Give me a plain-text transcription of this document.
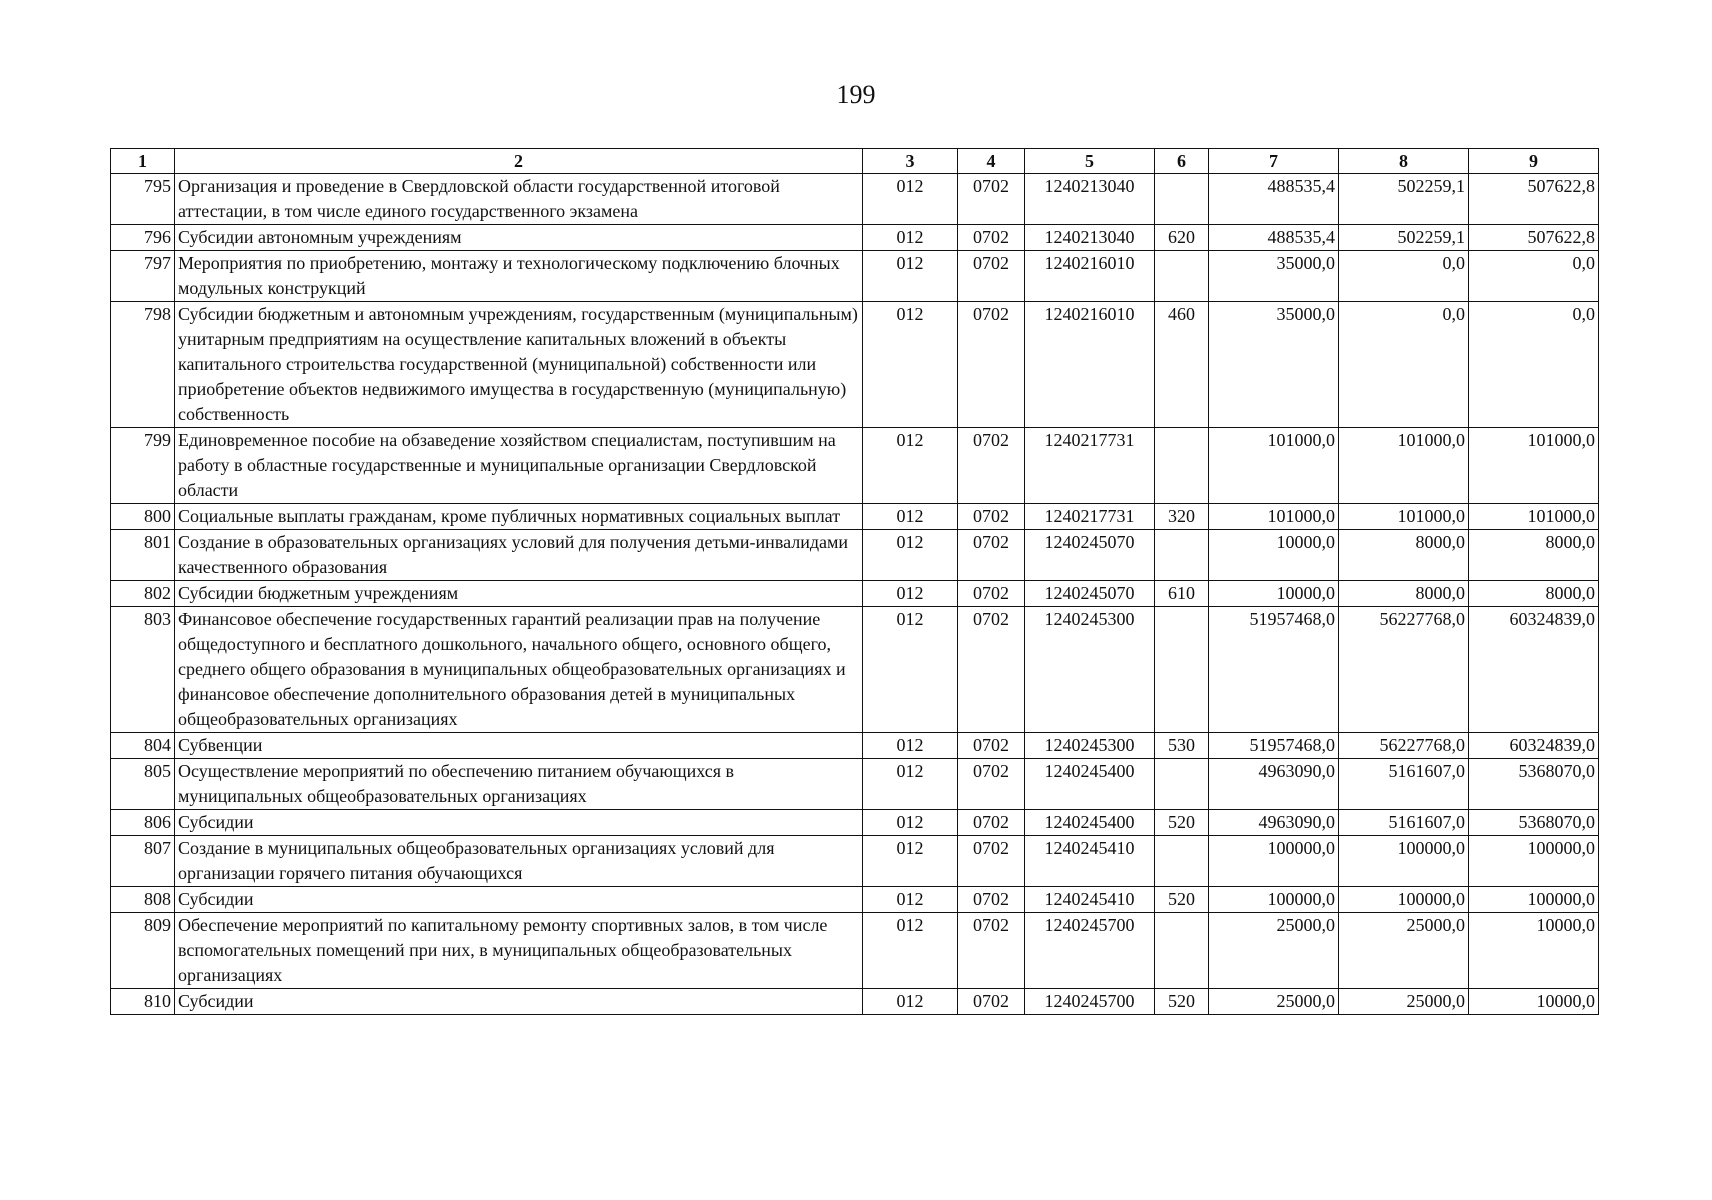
199
1	2	3	4	5	6	7	8	9
795	Организация и проведение в Свердловской области государственной итоговой аттестации, в том числе единого государственного экзамена	012	0702	1240213040		488535,4	502259,1	507622,8
796	Субсидии автономным учреждениям	012	0702	1240213040	620	488535,4	502259,1	507622,8
797	Мероприятия по приобретению, монтажу и технологическому подключению блочных модульных конструкций	012	0702	1240216010		35000,0	0,0	0,0
798	Субсидии бюджетным и автономным учреждениям, государственным (муниципальным) унитарным предприятиям на осуществление капитальных вложений в объекты капитального строительства государственной (муниципальной) собственности или приобретение объектов недвижимого имущества в государственную (муниципальную) собственность	012	0702	1240216010	460	35000,0	0,0	0,0
799	Единовременное пособие на обзаведение хозяйством специалистам, поступившим на работу в областные государственные и муниципальные организации Свердловской области	012	0702	1240217731		101000,0	101000,0	101000,0
800	Социальные выплаты гражданам, кроме публичных нормативных социальных выплат	012	0702	1240217731	320	101000,0	101000,0	101000,0
801	Создание в образовательных организациях условий для получения детьми-инвалидами качественного образования	012	0702	1240245070		10000,0	8000,0	8000,0
802	Субсидии бюджетным учреждениям	012	0702	1240245070	610	10000,0	8000,0	8000,0
803	Финансовое обеспечение государственных гарантий реализации прав на получение общедоступного и бесплатного дошкольного, начального общего, основного общего, среднего общего образования в муниципальных общеобразовательных организациях и финансовое обеспечение дополнительного образования детей в муниципальных общеобразовательных организациях	012	0702	1240245300		51957468,0	56227768,0	60324839,0
804	Субвенции	012	0702	1240245300	530	51957468,0	56227768,0	60324839,0
805	Осуществление мероприятий по обеспечению питанием обучающихся в муниципальных общеобразовательных организациях	012	0702	1240245400		4963090,0	5161607,0	5368070,0
806	Субсидии	012	0702	1240245400	520	4963090,0	5161607,0	5368070,0
807	Создание в муниципальных общеобразовательных организациях условий для организации горячего питания обучающихся	012	0702	1240245410		100000,0	100000,0	100000,0
808	Субсидии	012	0702	1240245410	520	100000,0	100000,0	100000,0
809	Обеспечение мероприятий по капитальному ремонту спортивных залов, в том числе вспомогательных помещений при них, в муниципальных общеобразовательных организациях	012	0702	1240245700		25000,0	25000,0	10000,0
810	Субсидии	012	0702	1240245700	520	25000,0	25000,0	10000,0
